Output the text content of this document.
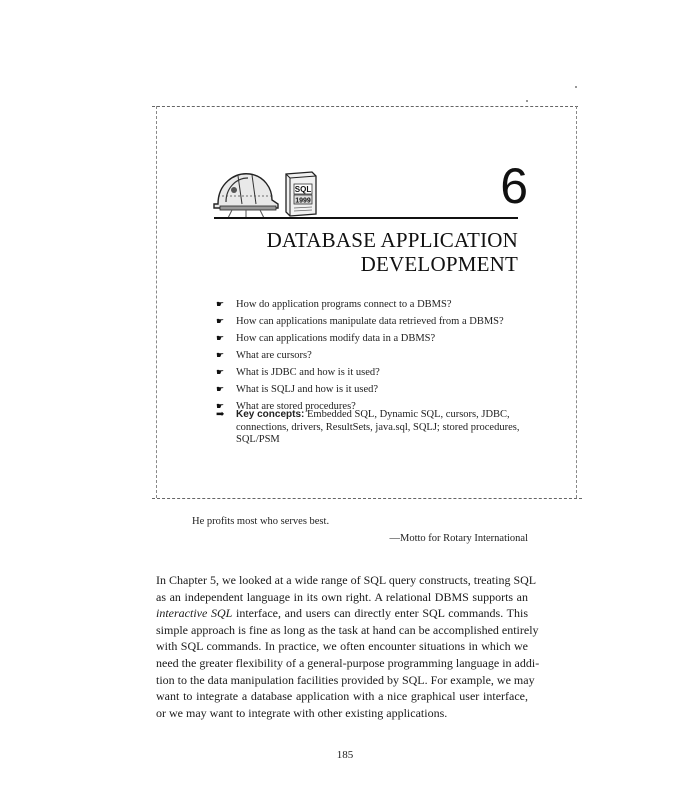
SQL
1999	6
DATABASE APPLICATION
DEVELOPMENT
☛ How do application programs connect to a DBMS?
☛ How can applications manipulate data retrieved from a DBMS?
☛ How can applications modify data in a DBMS?
☛ What are cursors?
☛ What is JDBC and how is it used?
☛ What is SQLJ and how is it used?
☛ What are stored procedures?
➡ Key concepts: Embedded SQL, Dynamic SQL, cursors, JDBC,
connections, drivers, ResultSets, java.sql, SQLJ; stored procedures,
SQL/PSM
He profits most who serves best.
—Motto for Rotary International
In Chapter 5, we looked at a wide range of SQL query constructs, treating SQL
as an independent language in its own right. A relational DBMS supports an
interactive SQL interface, and users can directly enter SQL commands. This
simple approach is fine as long as the task at hand can be accomplished entirely
with SQL commands. In practice, we often encounter situations in which we
need the greater flexibility of a general-purpose programming language in addi-
tion to the data manipulation facilities provided by SQL. For example, we may
want to integrate a database application with a nice graphical user interface,
or we may want to integrate with other existing applications.
185
